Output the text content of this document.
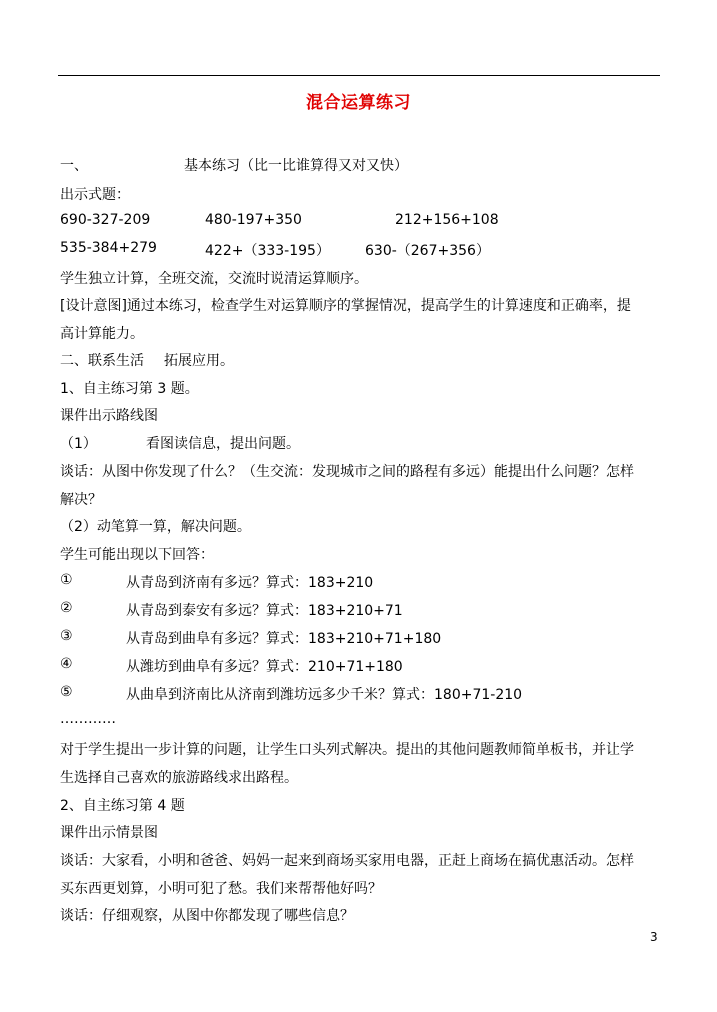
混合运算练习
一、	基本练习（比一比谁算得又对又快）
出示式题：
690-327-209	480-197+350	212+156+108
535-384+279	422+（333-195）	630-（267+356）
学生独立计算，全班交流，交流时说清运算顺序。
[设计意图]通过本练习，检查学生对运算顺序的掌握情况，提高学生的计算速度和正确率，提
高计算能力。
二、联系生活 拓展应用。
1、自主练习第 3 题。
课件出示路线图
（1）	看图读信息，提出问题。
谈话：从图中你发现了什么？（生交流：发现城市之间的路程有多远）能提出什么问题？怎样
解决？
（2）动笔算一算，解决问题。
学生可能出现以下回答：
①	从青岛到济南有多远？算式：183+210
②	从青岛到泰安有多远？算式：183+210+71
③	从青岛到曲阜有多远？算式：183+210+71+180
④	从潍坊到曲阜有多远？算式：210+71+180
⑤	从曲阜到济南比从济南到潍坊远多少千米？算式：180+71-210
…………
对于学生提出一步计算的问题，让学生口头列式解决。提出的其他问题教师简单板书，并让学
生选择自己喜欢的旅游路线求出路程。
2、自主练习第 4 题
课件出示情景图
谈话：大家看，小明和爸爸、妈妈一起来到商场买家用电器，正赶上商场在搞优惠活动。怎样
买东西更划算，小明可犯了愁。我们来帮帮他好吗？
谈话：仔细观察，从图中你都发现了哪些信息？
3
